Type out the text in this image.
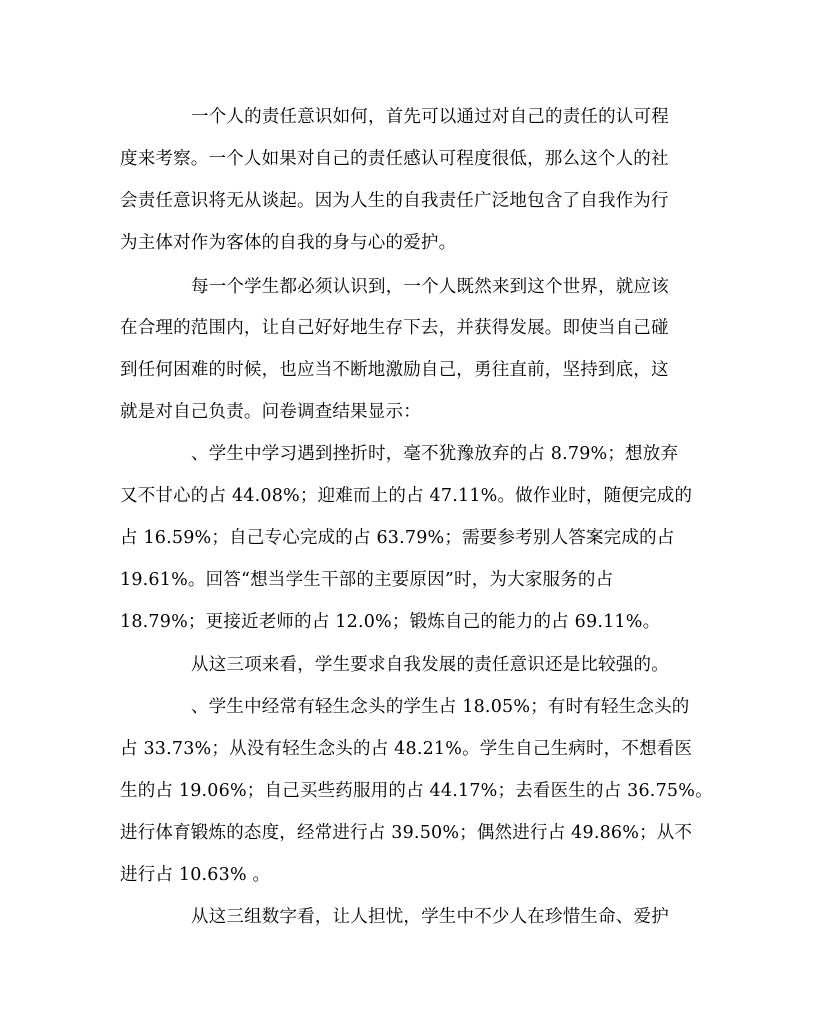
一个人的责任意识如何，首先可以通过对自己的责任的认可程
度来考察。一个人如果对自己的责任感认可程度很低，那么这个人的社
会责任意识将无从谈起。因为人生的自我责任广泛地包含了自我作为行
为主体对作为客体的自我的身与心的爱护。
每一个学生都必须认识到，一个人既然来到这个世界，就应该
在合理的范围内，让自己好好地生存下去，并获得发展。即使当自己碰
到任何困难的时候，也应当不断地激励自己，勇往直前，坚持到底，这
就是对自己负责。问卷调查结果显示：
、学生中学习遇到挫折时，毫不犹豫放弃的占 8.79%；想放弃
又不甘心的占 44.08%；迎难而上的占 47.11%。做作业时，随便完成的
占 16.59%；自己专心完成的占 63.79%；需要参考别人答案完成的占
19.61%。回答“想当学生干部的主要原因”时，为大家服务的占
18.79%；更接近老师的占 12.0%；锻炼自己的能力的占 69.11%。
从这三项来看，学生要求自我发展的责任意识还是比较强的。
、学生中经常有轻生念头的学生占 18.05%；有时有轻生念头的
占 33.73%；从没有轻生念头的占 48.21%。学生自己生病时，不想看医
生的占 19.06%；自己买些药服用的占 44.17%；去看医生的占 36.75%。
进行体育锻炼的态度，经常进行占 39.50%；偶然进行占 49.86%；从不
进行占 10.63% 。
从这三组数字看，让人担忧，学生中不少人在珍惜生命、爱护
